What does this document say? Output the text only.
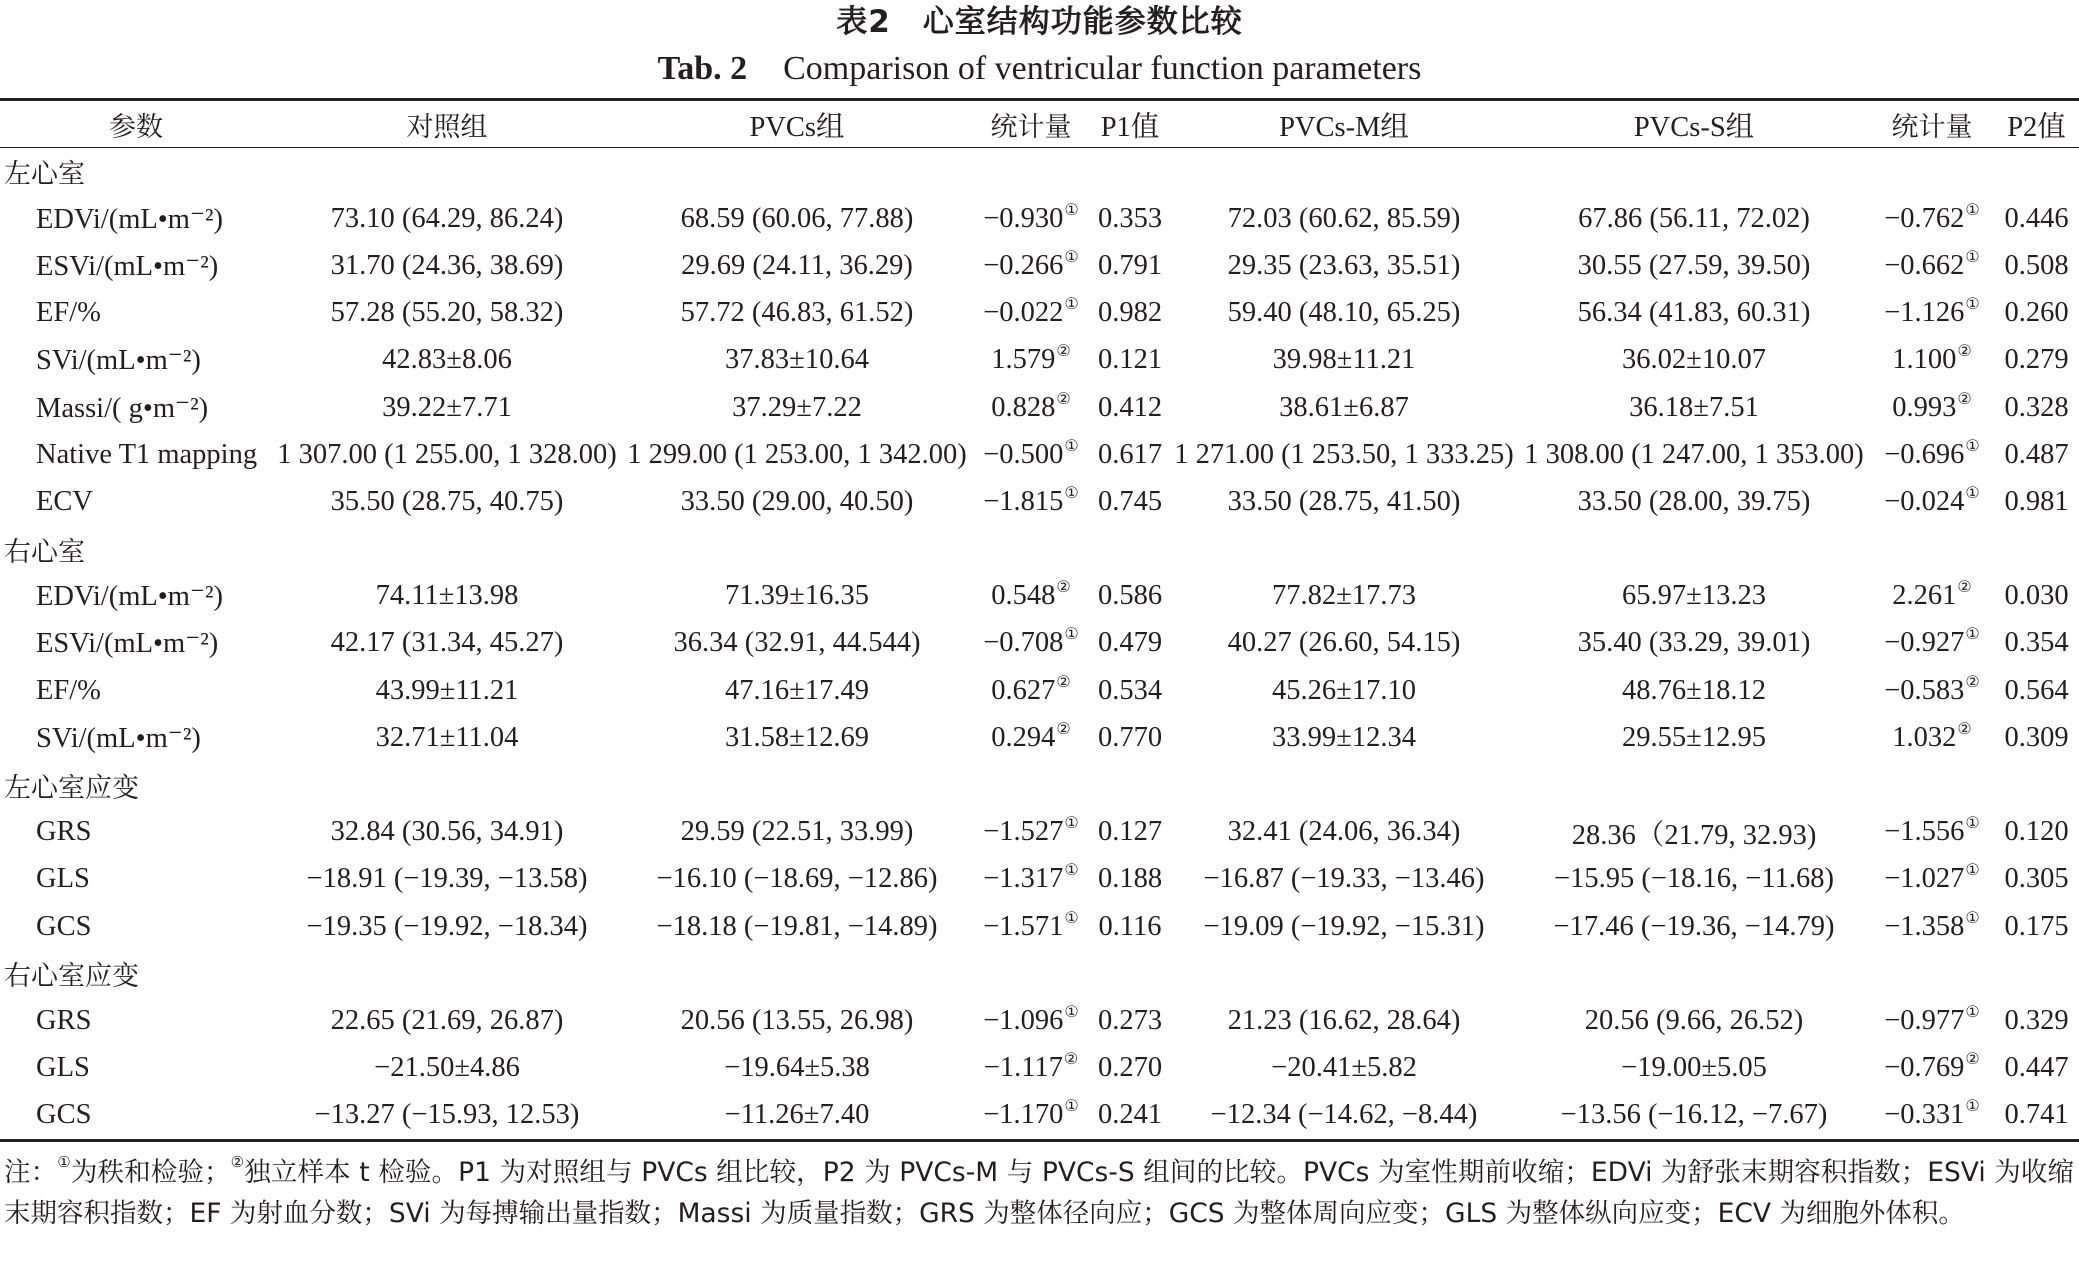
表2　心室结构功能参数比较
Tab. 2 Comparison of ventricular function parameters
参数	对照组	PVCs组	统计量	P1值	PVCs-M组	PVCs-S组	统计量	P2值
左心室								
EDVi/(mL•m⁻²)	73.10 (64.29, 86.24)	68.59 (60.06, 77.88)	−0.930①	0.353	72.03 (60.62, 85.59)	67.86 (56.11, 72.02)	−0.762①	0.446
ESVi/(mL•m⁻²)	31.70 (24.36, 38.69)	29.69 (24.11, 36.29)	−0.266①	0.791	29.35 (23.63, 35.51)	30.55 (27.59, 39.50)	−0.662①	0.508
EF/%	57.28 (55.20, 58.32)	57.72 (46.83, 61.52)	−0.022①	0.982	59.40 (48.10, 65.25)	56.34 (41.83, 60.31)	−1.126①	0.260
SVi/(mL•m⁻²)	42.83±8.06	37.83±10.64	1.579②	0.121	39.98±11.21	36.02±10.07	1.100②	0.279
Massi/( g•m⁻²)	39.22±7.71	37.29±7.22	0.828②	0.412	38.61±6.87	36.18±7.51	0.993②	0.328
Native T1 mapping	1 307.00 (1 255.00, 1 328.00)	1 299.00 (1 253.00, 1 342.00)	−0.500①	0.617	1 271.00 (1 253.50, 1 333.25)	1 308.00 (1 247.00, 1 353.00)	−0.696①	0.487
ECV	35.50 (28.75, 40.75)	33.50 (29.00, 40.50)	−1.815①	0.745	33.50 (28.75, 41.50)	33.50 (28.00, 39.75)	−0.024①	0.981
右心室								
EDVi/(mL•m⁻²)	74.11±13.98	71.39±16.35	0.548②	0.586	77.82±17.73	65.97±13.23	2.261②	0.030
ESVi/(mL•m⁻²)	42.17 (31.34, 45.27)	36.34 (32.91, 44.544)	−0.708①	0.479	40.27 (26.60, 54.15)	35.40 (33.29, 39.01)	−0.927①	0.354
EF/%	43.99±11.21	47.16±17.49	0.627②	0.534	45.26±17.10	48.76±18.12	−0.583②	0.564
SVi/(mL•m⁻²)	32.71±11.04	31.58±12.69	0.294②	0.770	33.99±12.34	29.55±12.95	1.032②	0.309
左心室应变								
GRS	32.84 (30.56, 34.91)	29.59 (22.51, 33.99)	−1.527①	0.127	32.41 (24.06, 36.34)	28.36（21.79, 32.93)	−1.556①	0.120
GLS	−18.91 (−19.39, −13.58)	−16.10 (−18.69, −12.86)	−1.317①	0.188	−16.87 (−19.33, −13.46)	−15.95 (−18.16, −11.68)	−1.027①	0.305
GCS	−19.35 (−19.92, −18.34)	−18.18 (−19.81, −14.89)	−1.571①	0.116	−19.09 (−19.92, −15.31)	−17.46 (−19.36, −14.79)	−1.358①	0.175
右心室应变								
GRS	22.65 (21.69, 26.87)	20.56 (13.55, 26.98)	−1.096①	0.273	21.23 (16.62, 28.64)	20.56 (9.66, 26.52)	−0.977①	0.329
GLS	−21.50±4.86	−19.64±5.38	−1.117②	0.270	−20.41±5.82	−19.00±5.05	−0.769②	0.447
GCS	−13.27 (−15.93, 12.53)	−11.26±7.40	−1.170①	0.241	−12.34 (−14.62, −8.44)	−13.56 (−16.12, −7.67)	−0.331①	0.741
注：①为秩和检验；②独立样本 t 检验。P1 为对照组与 PVCs 组比较，P2 为 PVCs-M 与 PVCs-S 组间的比较。PVCs 为室性期前收缩；EDVi 为舒张末期容积指数；ESVi 为收缩末期容积指数；EF 为射血分数；SVi 为每搏输出量指数；Massi 为质量指数；GRS 为整体径向应；GCS 为整体周向应变；GLS 为整体纵向应变；ECV 为细胞外体积。
